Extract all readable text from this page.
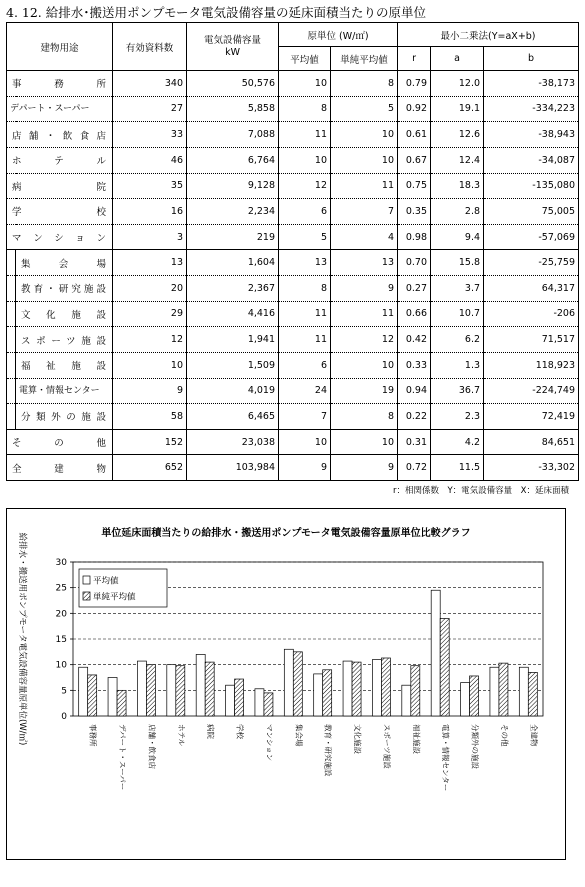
4. 12. 給排水･搬送用ポンプモータ電気設備容量の延床面積当たりの原単位
建物用途		有効資料数	電気設備容量
kW	原単位 (W/㎡)		最小二乗法(Y=aX+b)		
				平均値	単純平均値	r	a	b
事　務　所		340	50,576	10	8	0.79	12.0	-38,173
デパート・スーパー		27	5,858	8	5	0.92	19.1	-334,223
店舗・飲食店		33	7,088	11	10	0.61	12.6	-38,943
ホ　テ　ル		46	6,764	10	10	0.67	12.4	-34,087
病　　　院		35	9,128	12	11	0.75	18.3	-135,080
学　　　校		16	2,234	6	7	0.35	2.8	75,005
マンション		3	219	5	4	0.98	9.4	-57,069
	集　会　場	13	1,604	13	13	0.70	15.8	-25,759
	教育・研究施設	20	2,367	8	9	0.27	3.7	64,317
	文化施設	29	4,416	11	11	0.66	10.7	-206
	スポーツ施設	12	1,941	11	12	0.42	6.2	71,517
	福祉施設	10	1,509	6	10	0.33	1.3	118,923
	電算・情報センター	9	4,019	24	19	0.94	36.7	-224,749
	分類外の施設	58	6,465	7	8	0.22	2.3	72,419
そ　の　他		152	23,038	10	10	0.31	4.2	84,651
全　建　物		652	103,984	9	9	0.72	11.5	-33,302
r：相関係数　Y：電気設備容量　X：延床面積
単位延床面積当たりの給排水・搬送用ポンプモータ電気設備容量原単位比較グラフ
給排水・搬送用ポンプモータ電気設備容量原単位(W/㎡)	0
5
10
15
20
25
30
事務所	デパート・スーパー	店舗・飲食店	ホテル	病院	学校	マンション	集会場	教育・研究施設	文化施設	スポーツ施設	福祉施設	電算・情報センター	分類外の施設	その他	全建物
平均値
単純平均値
